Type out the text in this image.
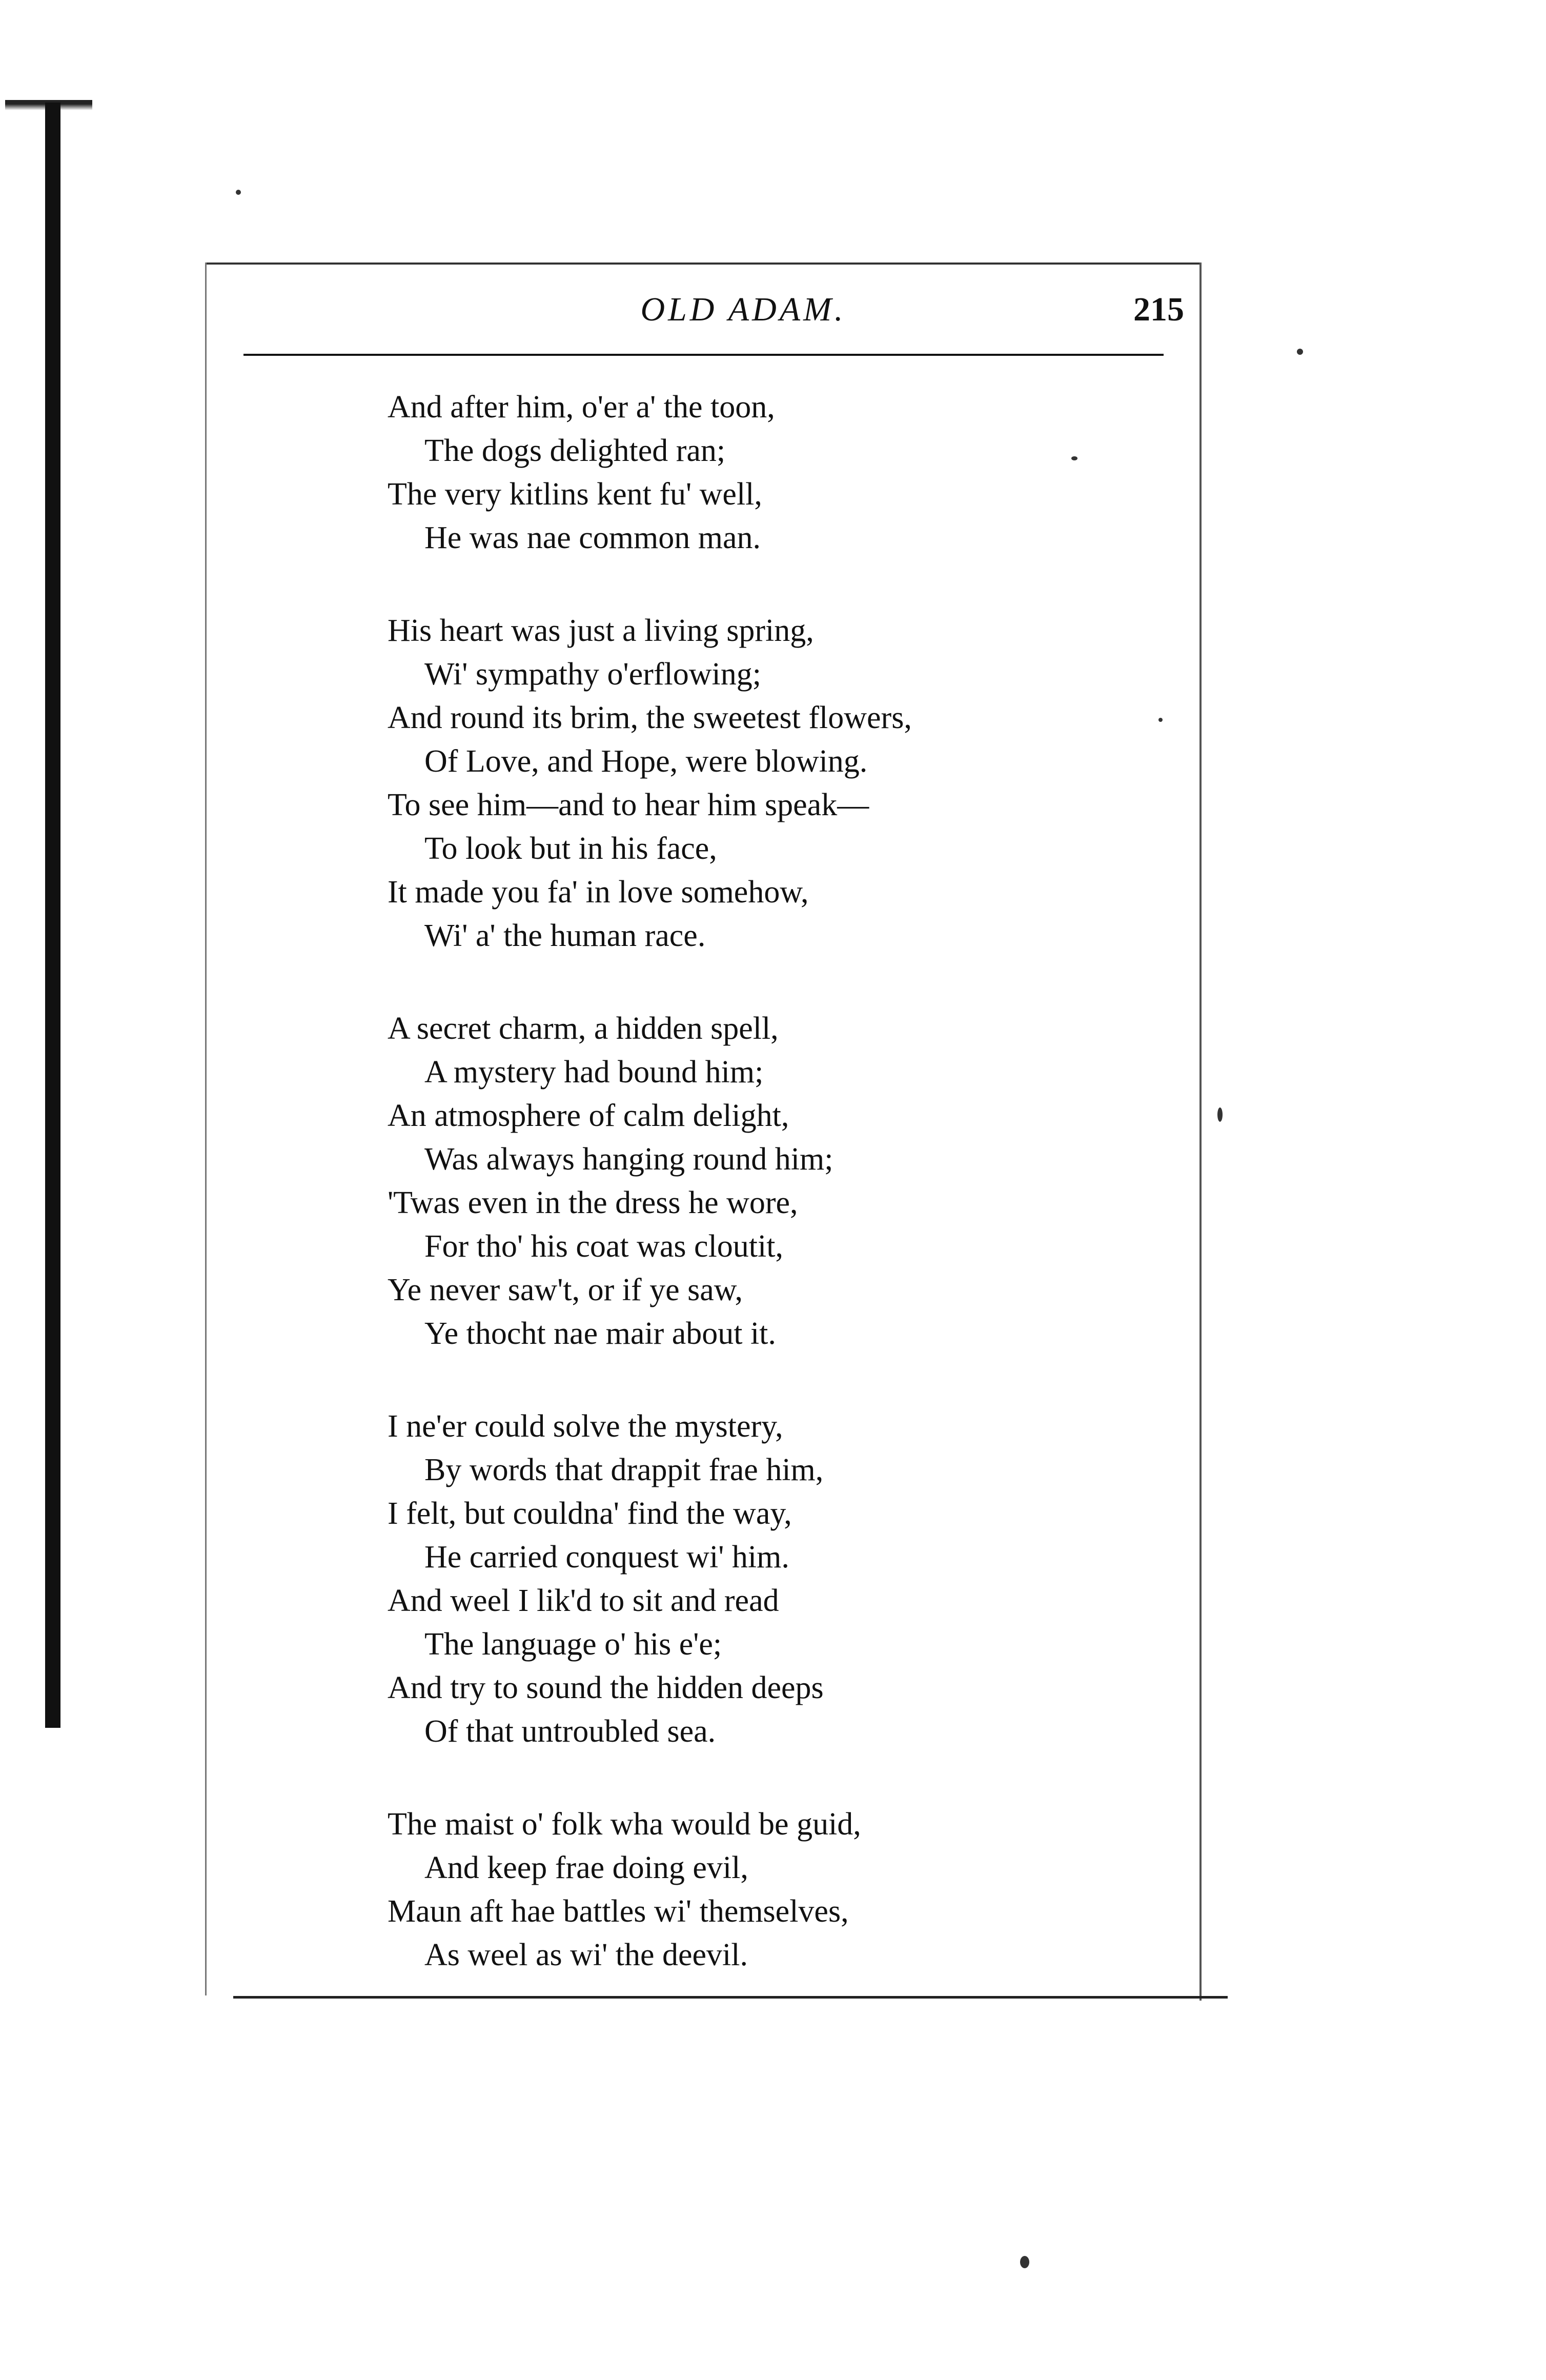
OLD ADAM.	215
And after him, o'er a' the toon,
The dogs delighted ran;
The very kitlins kent fu' well,
He was nae common man.
His heart was just a living spring,
Wi' sympathy o'erflowing;
And round its brim, the sweetest flowers,
Of Love, and Hope, were blowing.
To see him—and to hear him speak—
To look but in his face,
It made you fa' in love somehow,
Wi' a' the human race.
A secret charm, a hidden spell,
A mystery had bound him;
An atmosphere of calm delight,
Was always hanging round him;
'Twas even in the dress he wore,
For tho' his coat was cloutit,
Ye never saw't, or if ye saw,
Ye thocht nae mair about it.
I ne'er could solve the mystery,
By words that drappit frae him,
I felt, but couldna' find the way,
He carried conquest wi' him.
And weel I lik'd to sit and read
The language o' his e'e;
And try to sound the hidden deeps
Of that untroubled sea.
The maist o' folk wha would be guid,
And keep frae doing evil,
Maun aft hae battles wi' themselves,
As weel as wi' the deevil.
